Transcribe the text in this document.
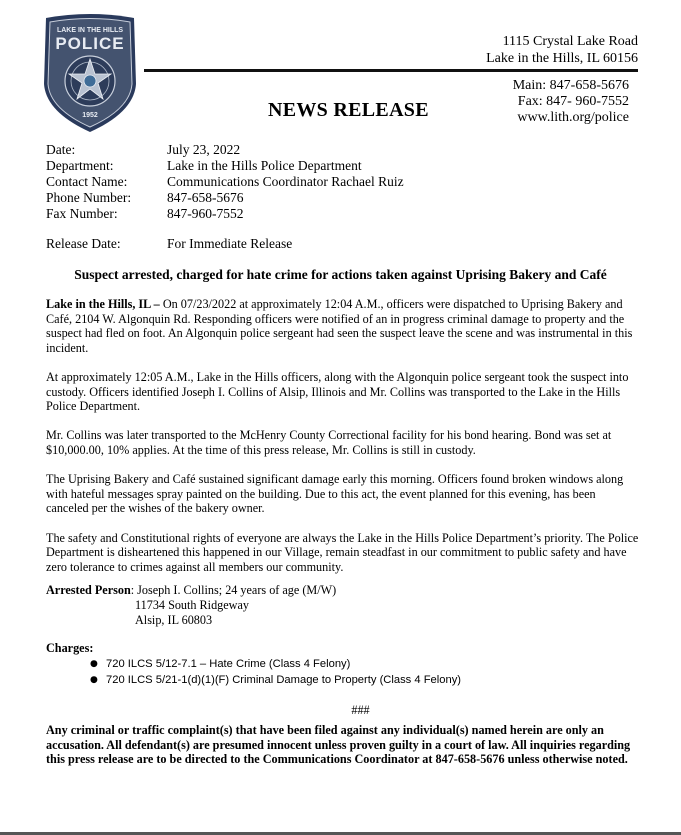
LAKE IN THE HILLS
POLICE
1952
1115 Crystal Lake Road
Lake in the Hills, IL 60156
Main: 847-658-5676
Fax: 847- 960-7552
www.lith.org/police
NEWS RELEASE
Date:	July 23, 2022
Department:	Lake in the Hills Police Department
Contact Name:	Communications Coordinator Rachael Ruiz
Phone Number:	847-658-5676
Fax Number:	847-960-7552
Release Date:	For Immediate Release
Suspect arrested, charged for hate crime for actions taken against Uprising Bakery and Café

Lake in the Hills, IL – On 07/23/2022 at approximately 12:04 A.M., officers were dispatched to Uprising Bakery and Café, 2104 W. Algonquin Rd. Responding officers were notified of an in progress criminal damage to property and the suspect had fled on foot. An Algonquin police sergeant had seen the suspect leave the scene and was instrumental in this incident.

At approximately 12:05 A.M., Lake in the Hills officers, along with the Algonquin police sergeant took the suspect into custody. Officers identified Joseph I. Collins of Alsip, Illinois and Mr. Collins was transported to the Lake in the Hills Police Department.

Mr. Collins was later transported to the McHenry County Correctional facility for his bond hearing. Bond was set at $10,000.00, 10% applies. At the time of this press release, Mr. Collins is still in custody.

The Uprising Bakery and Café sustained significant damage early this morning. Officers found broken windows along with hateful messages spray painted on the building. Due to this act, the event planned for this evening, has been canceled per the wishes of the bakery owner.

The safety and Constitutional rights of everyone are always the Lake in the Hills Police Department’s priority. The Police Department is disheartened this happened in our Village, remain steadfast in our commitment to public safety and have zero tolerance to crimes against all members our community.

Arrested Person: Joseph I. Collins; 24 years of age (M/W)
11734 South Ridgeway
Alsip, IL 60803
Charges:
● 720 ILCS 5/12-7.1 – Hate Crime (Class 4 Felony)
● 720 ILCS 5/21-1(d)(1)(F) Criminal Damage to Property (Class 4 Felony)
###
Any criminal or traffic complaint(s) that have been filed against any individual(s) named herein are only an accusation. All defendant(s) are presumed innocent unless proven guilty in a court of law. All inquiries regarding this press release are to be directed to the Communications Coordinator at 847-658-5676 unless otherwise noted.
